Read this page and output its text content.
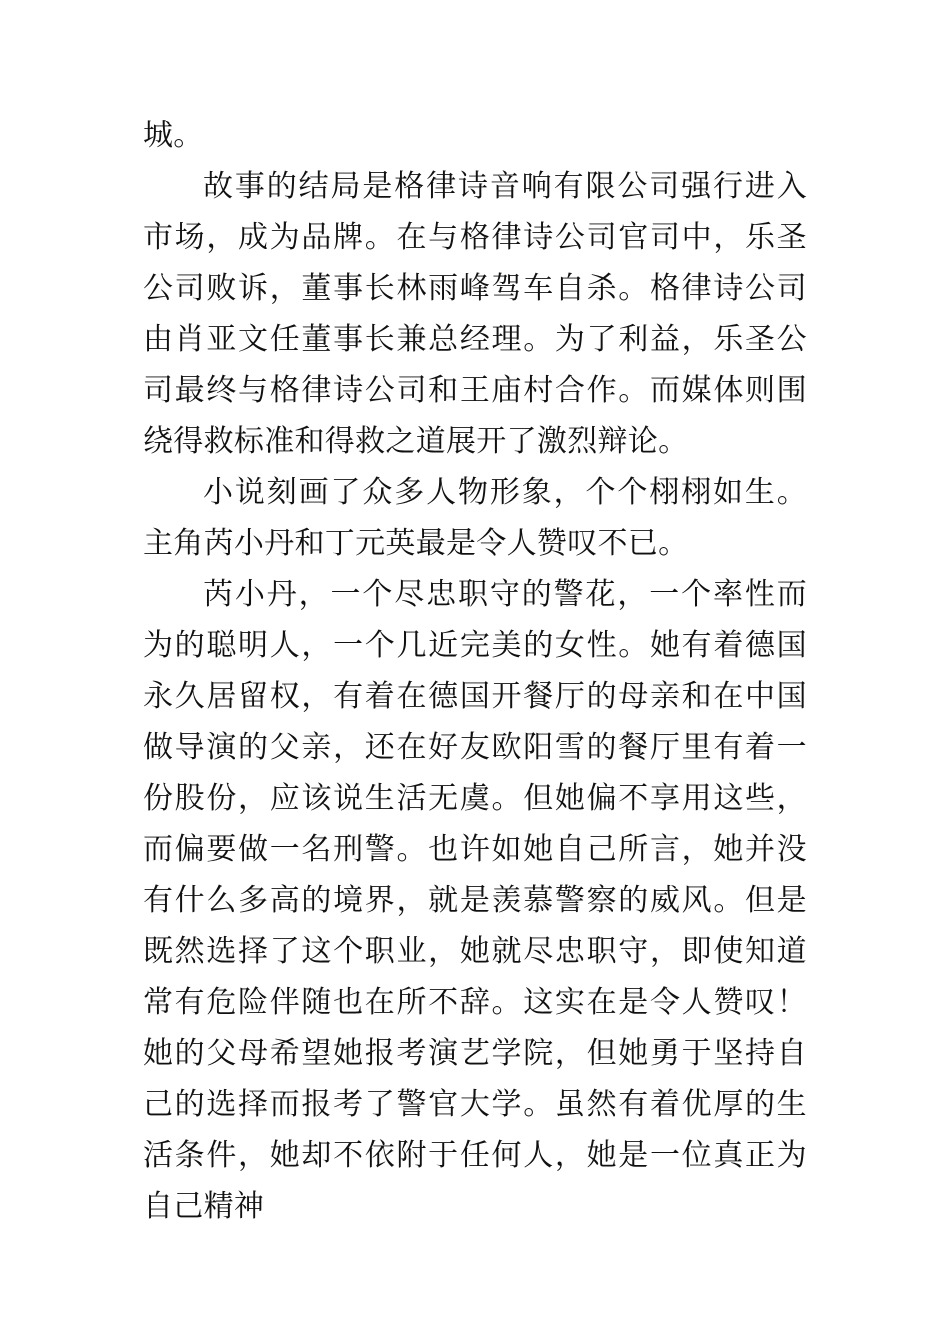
城。

故事的结局是格律诗音响有限公司强行进入市场，成为品牌。在与格律诗公司官司中，乐圣公司败诉，董事长林雨峰驾车自杀。格律诗公司由肖亚文任董事长兼总经理。为了利益，乐圣公司最终与格律诗公司和王庙村合作。而媒体则围绕得救标准和得救之道展开了激烈辩论。

小说刻画了众多人物形象，个个栩栩如生。主角芮小丹和丁元英最是令人赞叹不已。

芮小丹，一个尽忠职守的警花，一个率性而为的聪明人，一个几近完美的女性。她有着德国永久居留权，有着在德国开餐厅的母亲和在中国做导演的父亲，还在好友欧阳雪的餐厅里有着一份股份，应该说生活无虞。但她偏不享用这些，而偏要做一名刑警。也许如她自己所言，她并没有什么多高的境界，就是羡慕警察的威风。但是既然选择了这个职业，她就尽忠职守，即使知道常有危险伴随也在所不辞。这实在是令人赞叹！她的父母希望她报考演艺学院，但她勇于坚持自己的选择而报考了警官大学。虽然有着优厚的生活条件，她却不依附于任何人，她是一位真正为自己精神
